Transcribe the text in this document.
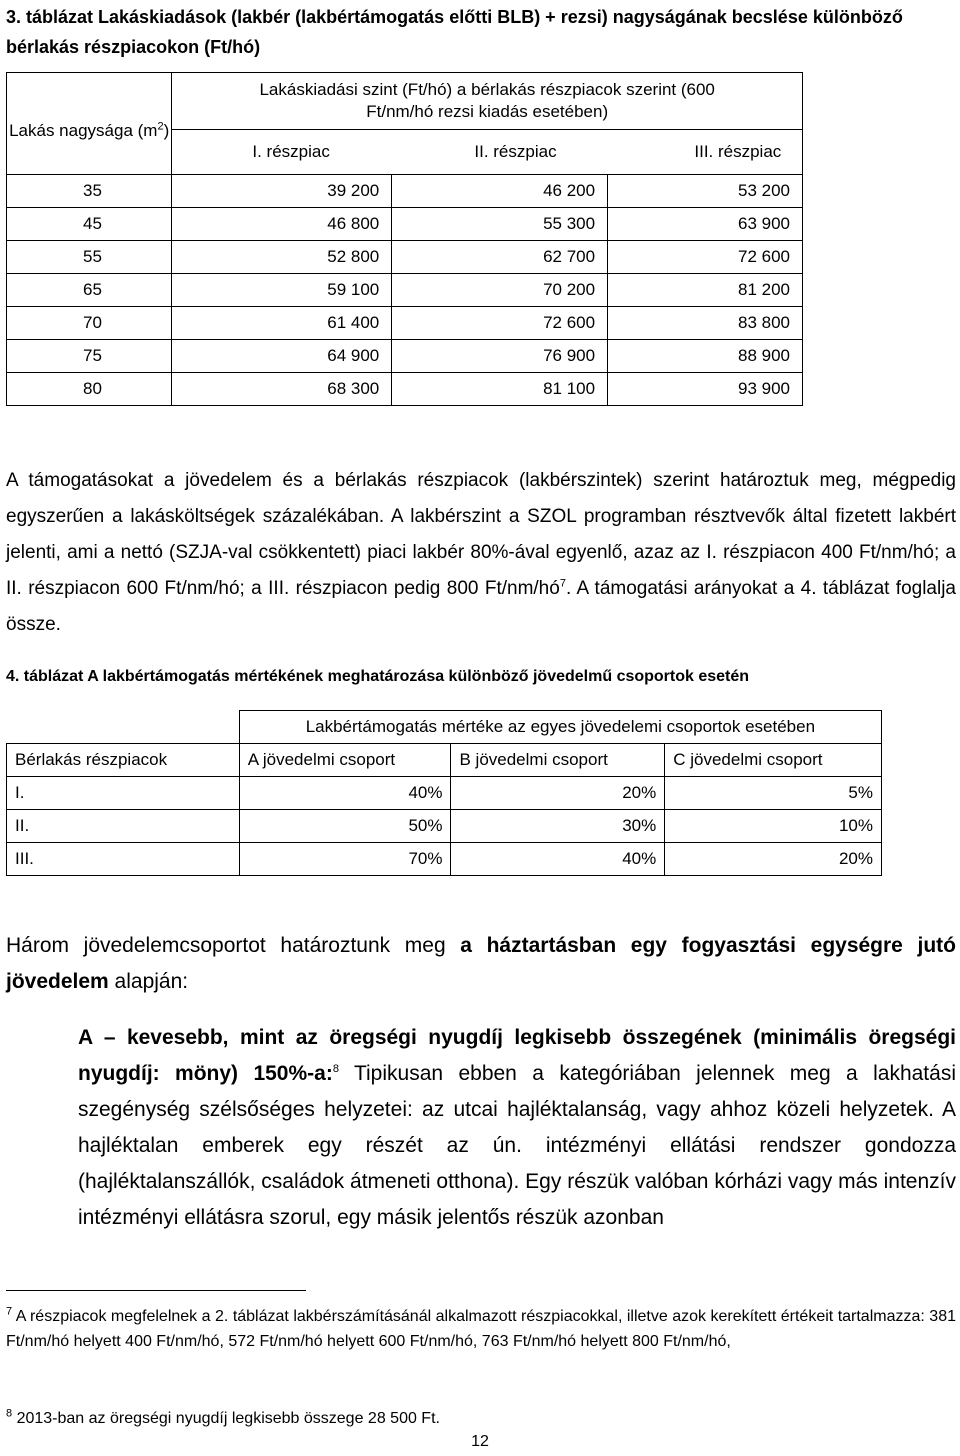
3. táblázat Lakáskiadások (lakbér (lakbértámogatás előtti BLB) + rezsi) nagyságának becslése különböző bérlakás részpiacokon (Ft/hó)
Lakás nagysága $(m^2)$	Lakáskiadási szint (Ft/hó) a bérlakás részpiacok szerint (600 Ft/nm/hó rezsi kiadás esetében)		

	I. részpiac II. részpiac III. részpiac		

35	39 200	46 200	53 200
45	46 800	55 300	63 900
55	52 800	62 700	72 600
65	59 100	70 200	81 200
70	61 400	72 600	83 800
75	64 900	76 900	88 900
80	68 300	81 100	93 900
A támogatásokat a jövedelem és a bérlakás részpiacok (lakbérszintek) szerint határoztuk meg, mégpedig egyszerűen a lakásköltségek százalékában. A lakbérszint a SZOL programban résztvevők által fizetett lakbért jelenti, ami a nettó (SZJA-val csökkentett) piaci lakbér 80%-ával egyenlő, azaz az I. részpiacon 400 Ft/nm/hó; a II. részpiacon 600 Ft/nm/hó; a III. részpiacon pedig 800 $Ft/nm/hó^7$. A támogatási arányokat a 4. táblázat foglalja össze.
4. táblázat A lakbértámogatás mértékének meghatározása különböző jövedelmű csoportok esetén
	Lakbértámogatás mértéke az egyes jövedelemi csoportok esetében		
Bérlakás részpiacok	A jövedelmi csoport	B jövedelmi csoport	C jövedelmi csoport
I.	40%	20%	5%
II.	50%	30%	10%
III.	70%	40%	20%
Három jövedelemcsoportot határoztunk meg a háztartásban egy fogyasztási egységre jutó jövedelem alapján:
A – kevesebb, mint az öregségi nyugdíj legkisebb összegének (minimális öregségi nyugdíj: möny) 150%-a:$^8$ Tipikusan ebben a kategóriában jelennek meg a lakhatási szegénység szélsőséges helyzetei: az utcai hajléktalanság, vagy ahhoz közeli helyzetek. A hajléktalan emberek egy részét az ún. intézményi ellátási rendszer gondozza (hajléktalanszállók, családok átmeneti otthona). Egy részük valóban kórházi vagy más intenzív intézményi ellátásra szorul, egy másik jelentős részük azonban
$^7$ A részpiacok megfelelnek a 2. táblázat lakbérszámításánál alkalmazott részpiacokkal, illetve azok kerekített értékeit tartalmazza: 381 Ft/nm/hó helyett 400 Ft/nm/hó, 572 Ft/nm/hó helyett 600 Ft/nm/hó, 763 Ft/nm/hó helyett 800 Ft/nm/hó,
$^8$ 2013-ban az öregségi nyugdíj legkisebb összege 28 500 Ft.
12
